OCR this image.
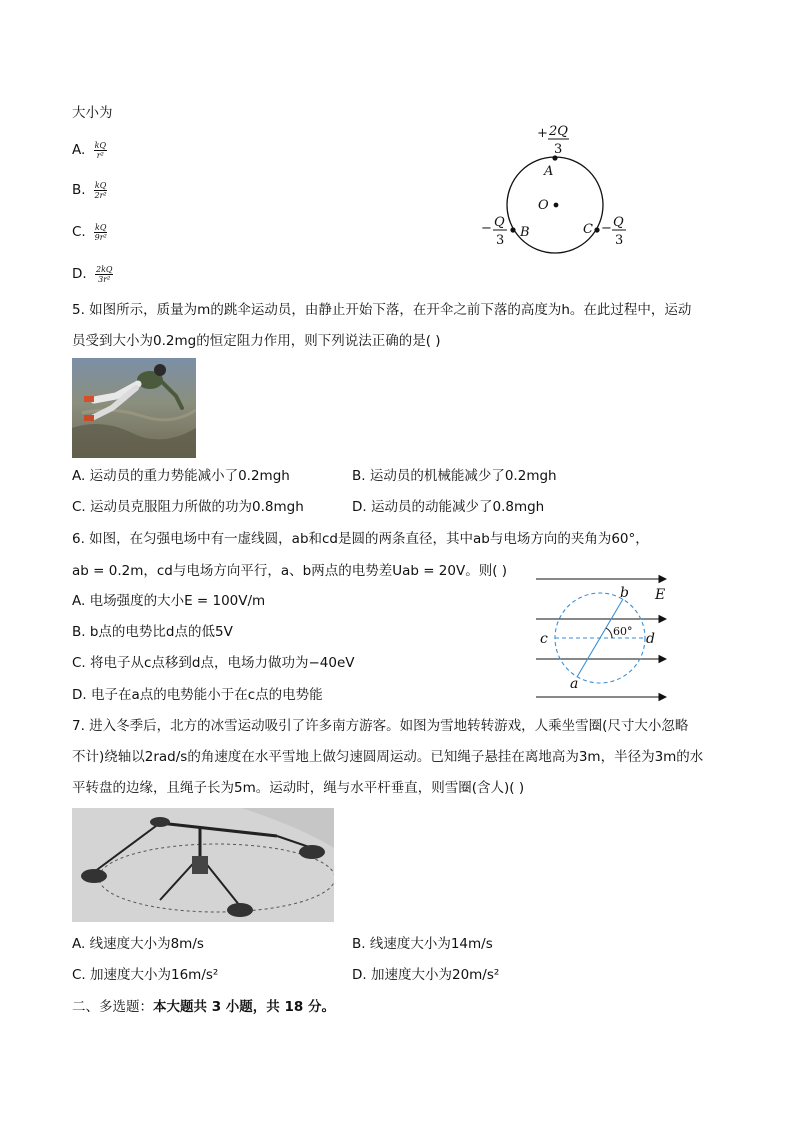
大小为
A. $\frac{kQ}{\text{r²}}$
B. $\frac{kQ}{\text{2r²}}$
C. $\frac{kQ}{\text{9r²}}$
D. $\frac{2kQ}{\text{3r²}}$
+ 2Q
3
A
O
B	C
− Q
3
− Q
3
5. 如图所示，质量为m的跳伞运动员，由静止开始下落，在开伞之前下落的高度为h。在此过程中，运动
员受到大小为0.2mg的恒定阻力作用，则下列说法正确的是( )
A. 运动员的重力势能减小了0.2mgh	B. 运动员的机械能减少了0.2mgh
C. 运动员克服阻力所做的功为0.8mgh	D. 运动员的动能减少了0.8mgh
6. 如图，在匀强电场中有一虚线圆，ab和cd是圆的两条直径，其中ab与电场方向的夹角为60°，
ab = 0.2m，cd与电场方向平行，a、b两点的电势差Uab = 20V。则( )
A. 电场强度的大小E = 100V/m
B. b点的电势比d点的低5V
C. 将电子从c点移到d点，电场力做功为−40eV
D. 电子在a点的电势能小于在c点的电势能
b E
c	60° d
a
7. 进入冬季后，北方的冰雪运动吸引了许多南方游客。如图为雪地转转游戏，人乘坐雪圈(尺寸大小忽略
不计)绕轴以2rad/s的角速度在水平雪地上做匀速圆周运动。已知绳子悬挂在离地高为3m，半径为3m的水
平转盘的边缘，且绳子长为5m。运动时，绳与水平杆垂直，则雪圈(含人)( )
A. 线速度大小为8m/s	B. 线速度大小为14m/s
C. 加速度大小为16m/s²	D. 加速度大小为20m/s²
二、多选题：本大题共 3 小题，共 18 分。
